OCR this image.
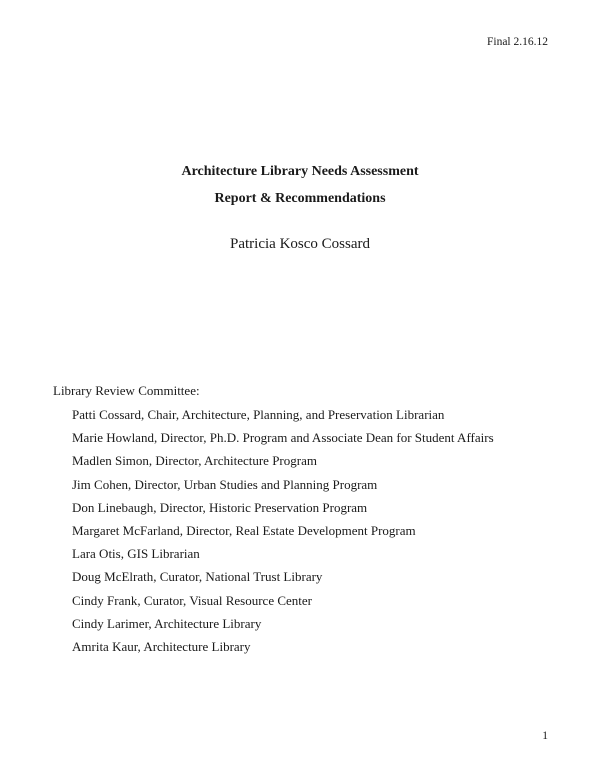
Final 2.16.12
Architecture Library Needs Assessment
Report & Recommendations
Patricia Kosco Cossard
Library Review Committee:
Patti Cossard, Chair, Architecture, Planning, and Preservation Librarian
Marie Howland, Director, Ph.D. Program and Associate Dean for Student Affairs
Madlen Simon, Director, Architecture Program
Jim Cohen, Director, Urban Studies and Planning Program
Don Linebaugh, Director, Historic Preservation Program
Margaret McFarland, Director, Real Estate Development Program
Lara Otis, GIS Librarian
Doug McElrath, Curator, National Trust Library
Cindy Frank, Curator, Visual Resource Center
Cindy Larimer, Architecture Library
Amrita Kaur, Architecture Library
1
